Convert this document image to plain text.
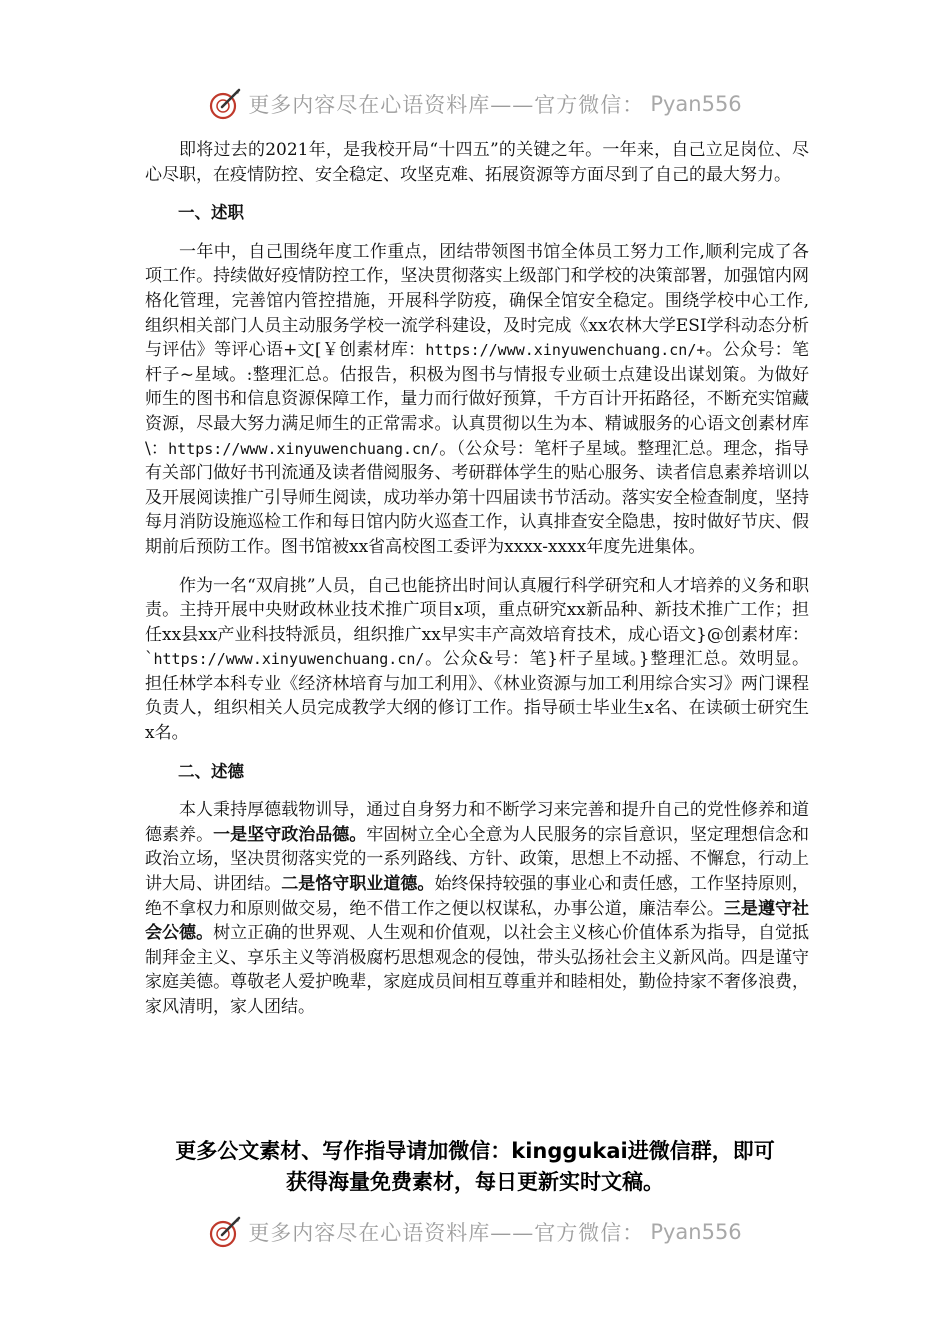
更多内容尽在心语资料库——官方微信： Pyan556

即将过去的2021年，是我校开局“十四五”的关键之年。一年来，自己立足岗位、尽心尽职，在疫情防控、安全稳定、攻坚克难、拓展资源等方面尽到了自己的最大努力。

一、述职

一年中，自己围绕年度工作重点，团结带领图书馆全体员工努力工作,顺利完成了各项工作。持续做好疫情防控工作，坚决贯彻落实上级部门和学校的决策部署，加强馆内网格化管理，完善馆内管控措施，开展科学防疫，确保全馆安全稳定。围绕学校中心工作,组织相关部门人员主动服务学校一流学科建设，及时完成《xx农林大学ESI学科动态分析与评估》等评心语+文[￥创素材库：https://www.xinyuwenchuang.cn/+。公众号：笔杆子~星域。:整理汇总。估报告，积极为图书与情报专业硕士点建设出谋划策。为做好师生的图书和信息资源保障工作，量力而行做好预算，千方百计开拓路径，不断充实馆藏资源，尽最大努力满足师生的正常需求。认真贯彻以生为本、精诚服务的心语文创素材库\：https://www.xinyuwenchuang.cn/。（公众号：笔杆子星域。整理汇总。理念，指导有关部门做好书刊流通及读者借阅服务、考研群体学生的贴心服务、读者信息素养培训以及开展阅读推广引导师生阅读，成功举办第十四届读书节活动。落实安全检查制度，坚持每月消防设施巡检工作和每日馆内防火巡查工作，认真排查安全隐患，按时做好节庆、假期前后预防工作。图书馆被xx省高校图工委评为xxxx-xxxx年度先进集体。

作为一名“双肩挑”人员，自己也能挤出时间认真履行科学研究和人才培养的义务和职责。主持开展中央财政林业技术推广项目x项，重点研究xx新品种、新技术推广工作；担任xx县xx产业科技特派员，组织推广xx早实丰产高效培育技术，成心语文}@创素材库：`https://www.xinyuwenchuang.cn/。公众&号：笔}杆子星域。}整理汇总。效明显。担任林学本科专业《经济林培育与加工利用》、《林业资源与加工利用综合实习》两门课程负责人，组织相关人员完成教学大纲的修订工作。指导硕士毕业生x名、在读硕士研究生x名。

二、述德

本人秉持厚德载物训导，通过自身努力和不断学习来完善和提升自己的党性修养和道德素养。一是坚守政治品德。牢固树立全心全意为人民服务的宗旨意识，坚定理想信念和政治立场，坚决贯彻落实党的一系列路线、方针、政策，思想上不动摇、不懈怠，行动上讲大局、讲团结。二是恪守职业道德。始终保持较强的事业心和责任感，工作坚持原则，绝不拿权力和原则做交易，绝不借工作之便以权谋私，办事公道，廉洁奉公。三是遵守社会公德。树立正确的世界观、人生观和价值观，以社会主义核心价值体系为指导，自觉抵制拜金主义、享乐主义等消极腐朽思想观念的侵蚀，带头弘扬社会主义新风尚。四是谨守家庭美德。尊敬老人爱护晚辈，家庭成员间相互尊重并和睦相处，勤俭持家不奢侈浪费，家风清明，家人团结。

更多公文素材、写作指导请加微信：kinggukai进微信群，即可
获得海量免费素材，每日更新实时文稿。
更多内容尽在心语资料库——官方微信： Pyan556
